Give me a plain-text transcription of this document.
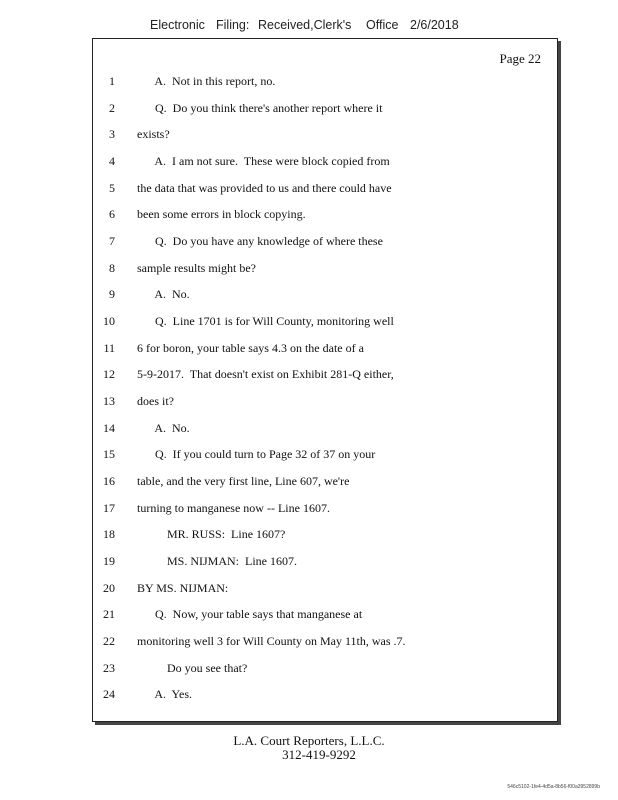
Electronic Filing: Received,Clerk's Office 2/6/2018
Page 22
1 A.  Not in this report, no.
2 Q.  Do you think there's another report where it
3 exists?
4 A.  I am not sure.  These were block copied from
5 the data that was provided to us and there could have
6 been some errors in block copying.
7 Q.  Do you have any knowledge of where these
8 sample results might be?
9 A.  No.
10 Q.  Line 1701 is for Will County, monitoring well
11 6 for boron, your table says 4.3 on the date of a
12 5-9-2017.  That doesn't exist on Exhibit 281-Q either,
13 does it?
14 A.  No.
15 Q.  If you could turn to Page 32 of 37 on your
16 table, and the very first line, Line 607, we're
17 turning to manganese now -- Line 1607.
18 MR. RUSS:  Line 1607?
19 MS. NIJMAN:  Line 1607.
20 BY MS. NIJMAN:
21 Q.  Now, your table says that manganese at
22 monitoring well 3 for Will County on May 11th, was .7.
23 Do you see that?
24 A.  Yes.
L.A. Court Reporters, L.L.C.
312-419-9292
546c5102-1fe4-4d5a-8b56-f00a3952899b
